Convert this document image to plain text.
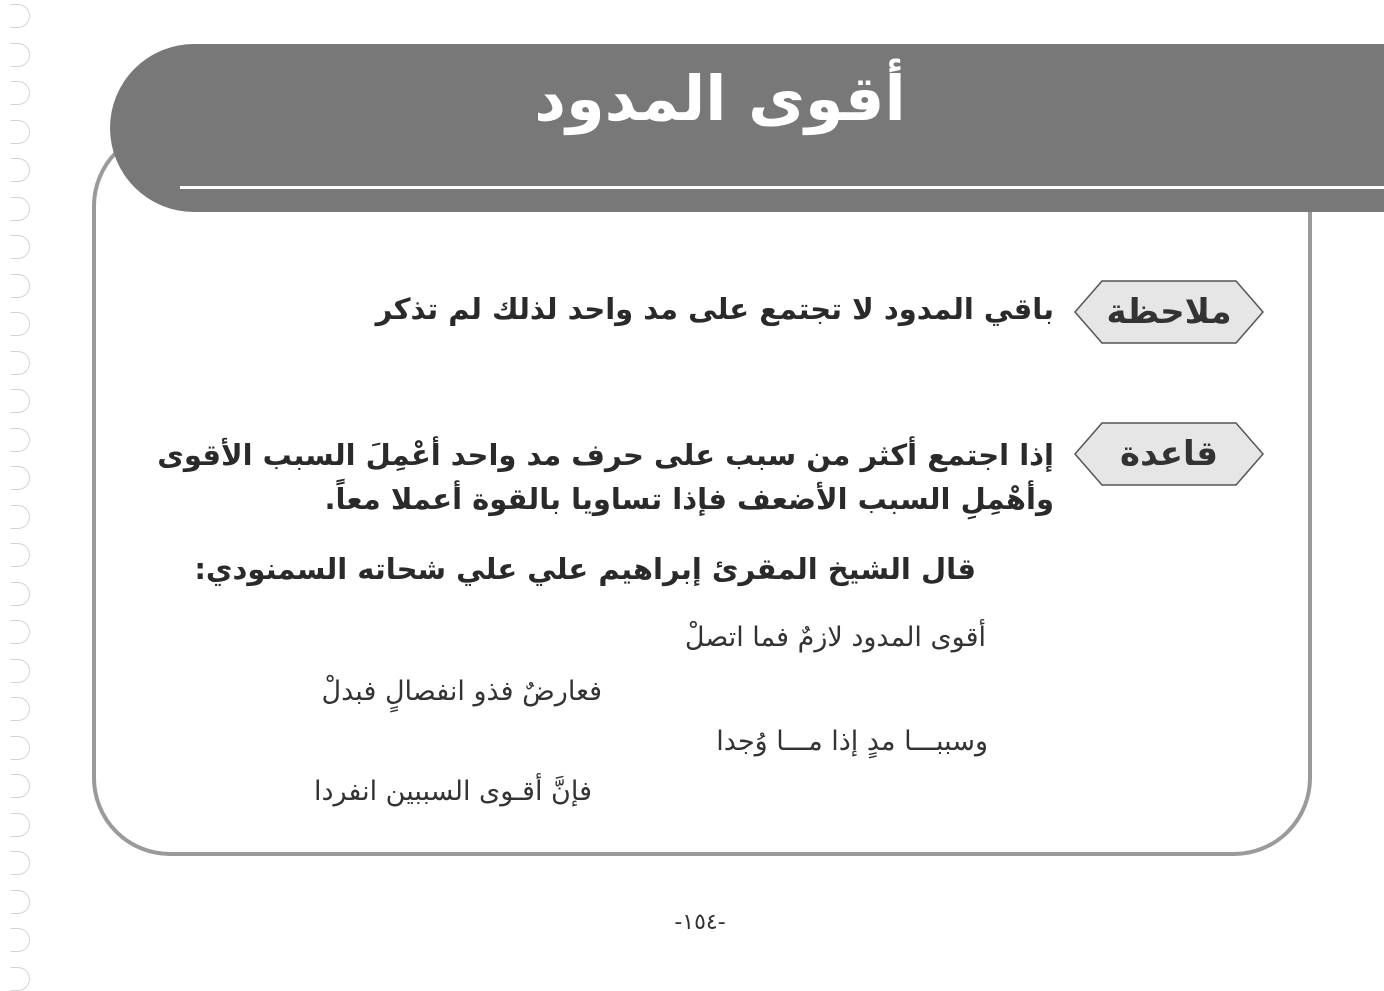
أقوى المدود
ملاحظة
باقي المدود لا تجتمع على مد واحد لذلك لم تذكر
قاعدة
إذا اجتمع أكثر من سبب على حرف مد واحد أعْمِلَ السبب الأقوى
وأهْمِلِ السبب الأضعف فإذا تساويا بالقوة أعملا معاً.
قال الشيخ المقرئ إبراهيم علي علي شحاته السمنودي:
أقوى المدود لازمٌ فما اتصلْ
فعارضٌ فذو انفصالٍ فبدلْ
وسببـــا مدٍ إذا مـــا وُجدا
فإنَّ أقـوى السببين انفردا
-١٥٤-
